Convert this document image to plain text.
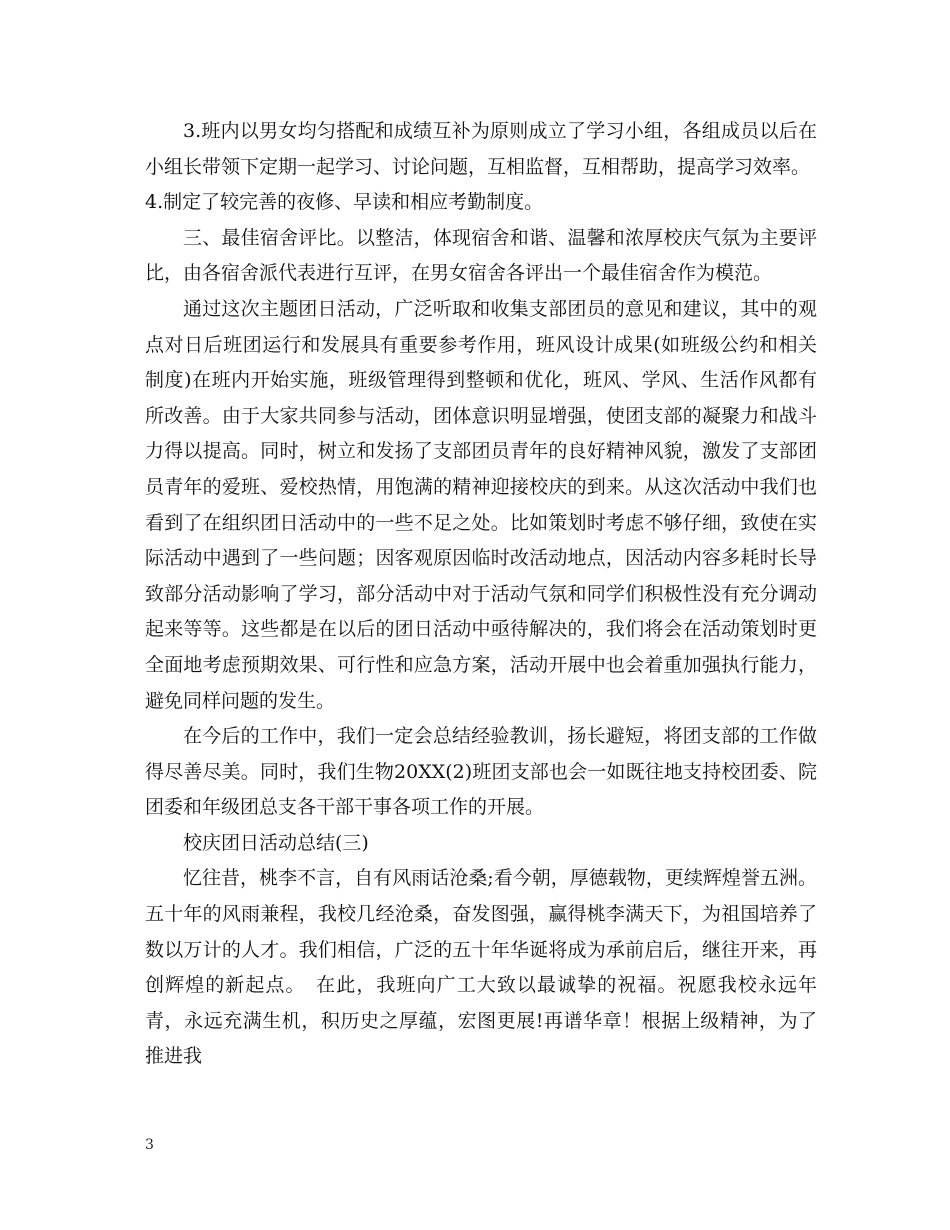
3.班内以男女均匀搭配和成绩互补为原则成立了学习小组，各组成员以后在小组长带领下定期一起学习、讨论问题，互相监督，互相帮助，提高学习效率。

4.制定了较完善的夜修、早读和相应考勤制度。

三、最佳宿舍评比。以整洁，体现宿舍和谐、温馨和浓厚校庆气氛为主要评比，由各宿舍派代表进行互评，在男女宿舍各评出一个最佳宿舍作为模范。

通过这次主题团日活动，广泛听取和收集支部团员的意见和建议，其中的观点对日后班团运行和发展具有重要参考作用，班风设计成果(如班级公约和相关制度)在班内开始实施，班级管理得到整顿和优化，班风、学风、生活作风都有所改善。由于大家共同参与活动，团体意识明显增强，使团支部的凝聚力和战斗力得以提高。同时，树立和发扬了支部团员青年的良好精神风貌，激发了支部团员青年的爱班、爱校热情，用饱满的精神迎接校庆的到来。从这次活动中我们也看到了在组织团日活动中的一些不足之处。比如策划时考虑不够仔细，致使在实际活动中遇到了一些问题；因客观原因临时改活动地点，因活动内容多耗时长导致部分活动影响了学习，部分活动中对于活动气氛和同学们积极性没有充分调动起来等等。这些都是在以后的团日活动中亟待解决的，我们将会在活动策划时更全面地考虑预期效果、可行性和应急方案，活动开展中也会着重加强执行能力，避免同样问题的发生。

在今后的工作中，我们一定会总结经验教训，扬长避短，将团支部的工作做得尽善尽美。同时，我们生物20XX(2)班团支部也会一如既往地支持校团委、院团委和年级团总支各干部干事各项工作的开展。

校庆团日活动总结(三)

忆往昔，桃李不言，自有风雨话沧桑;看今朝，厚德载物，更续辉煌誉五洲。五十年的风雨兼程，我校几经沧桑，奋发图强，赢得桃李满天下，为祖国培养了数以万计的人才。我们相信，广泛的五十年华诞将成为承前启后，继往开来，再创辉煌的新起点。　在此，我班向广工大致以最诚挚的祝福。祝愿我校永远年青，永远充满生机，积历史之厚蕴，宏图更展!再谱华章！根据上级精神，为了推进我

3
